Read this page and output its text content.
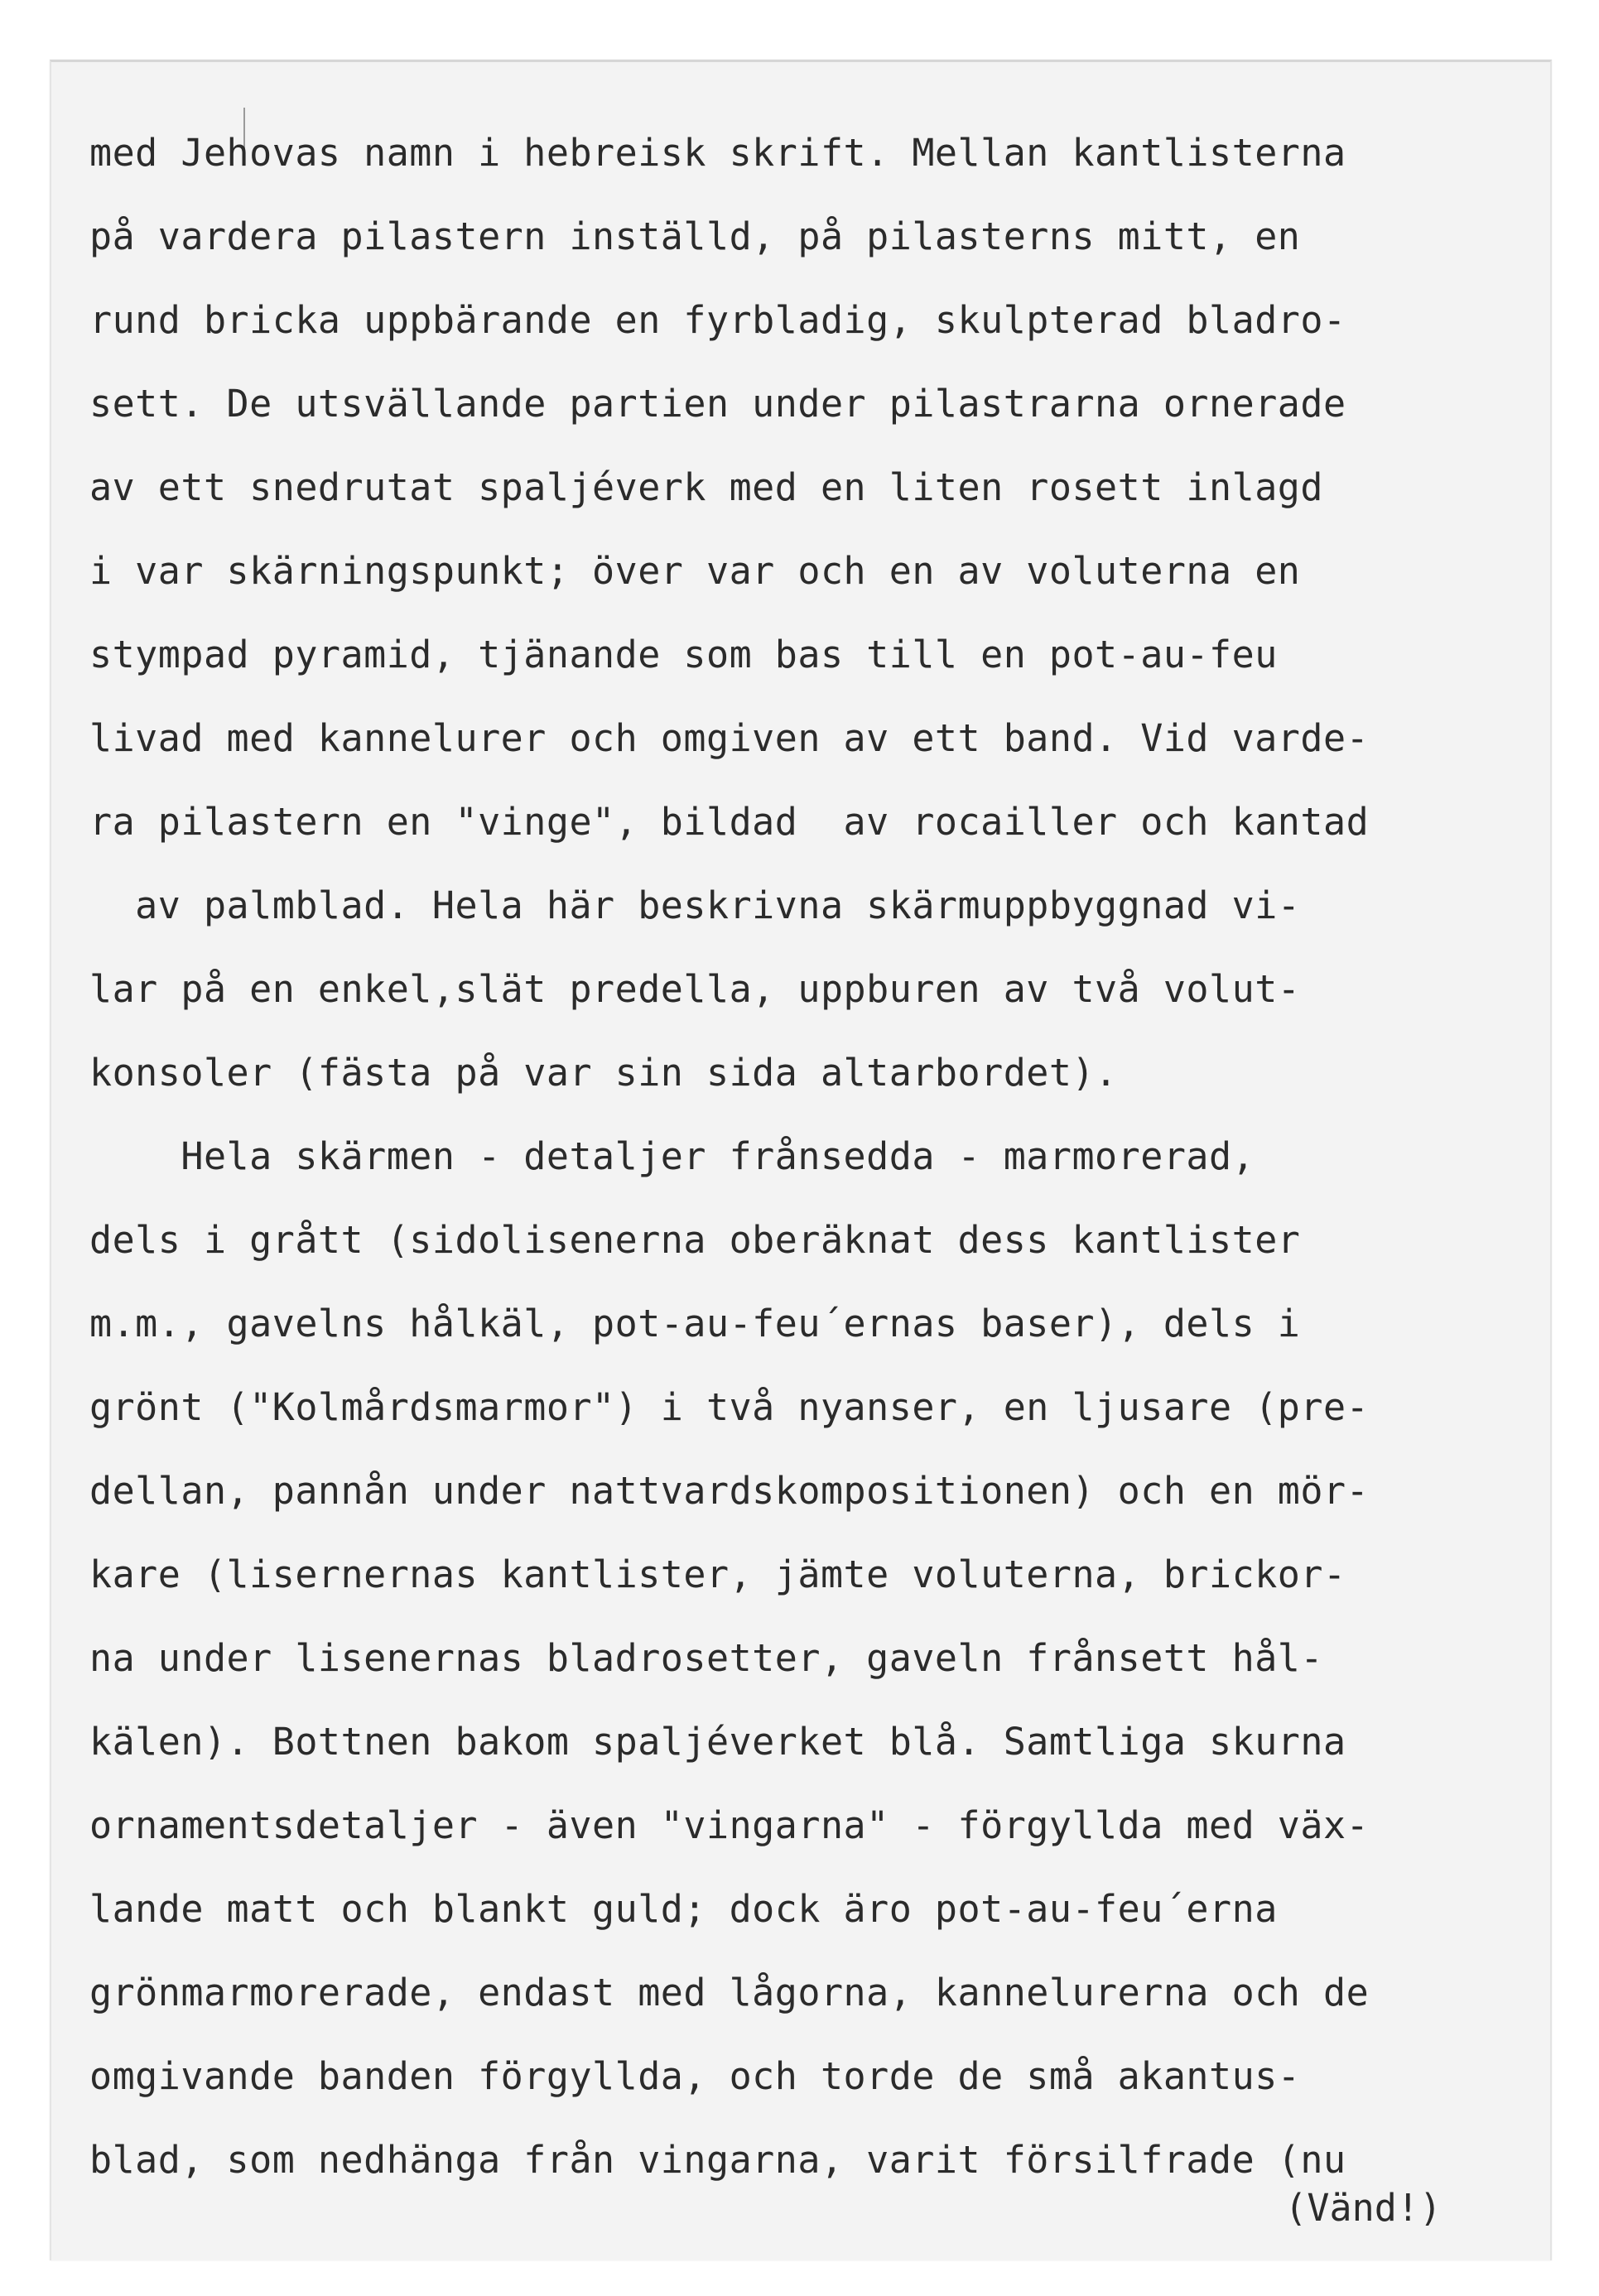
med Jehovas namn i hebreisk skrift. Mellan kantlisterna
på vardera pilastern inställd, på pilasterns mitt, en
rund bricka uppbärande en fyrbladig, skulpterad bladro-
sett. De utsvällande partien under pilastrarna ornerade
av ett snedrutat spaljéverk med en liten rosett inlagd
i var skärningspunkt; över var och en av voluterna en
stympad pyramid, tjänande som bas till en pot-au-feu
livad med kannelurer och omgiven av ett band. Vid varde-
ra pilastern en "vinge", bildad  av rocailler och kantad
av palmblad. Hela här beskrivna skärmuppbyggnad vi-
lar på en enkel,slät predella, uppburen av två volut-
konsoler (fästa på var sin sida altarbordet).
Hela skärmen - detaljer frånsedda - marmorerad,
dels i grått (sidolisenerna oberäknat dess kantlister
m.m., gavelns hålkäl, pot-au-feu´ernas baser), dels i
grönt ("Kolmårdsmarmor") i två nyanser, en ljusare (pre-
dellan, pannån under nattvardskompositionen) och en mör-
kare (lisernernas kantlister, jämte voluterna, brickor-
na under lisenernas bladrosetter, gaveln frånsett hål-
kälen). Bottnen bakom spaljéverket blå. Samtliga skurna
ornamentsdetaljer - även "vingarna" - förgyllda med väx-
lande matt och blankt guld; dock äro pot-au-feu´erna
grönmarmorerade, endast med lågorna, kannelurerna och de
omgivande banden förgyllda, och torde de små akantus-
blad, som nedhänga från vingarna, varit försilfrade (nu
(Vänd!)
